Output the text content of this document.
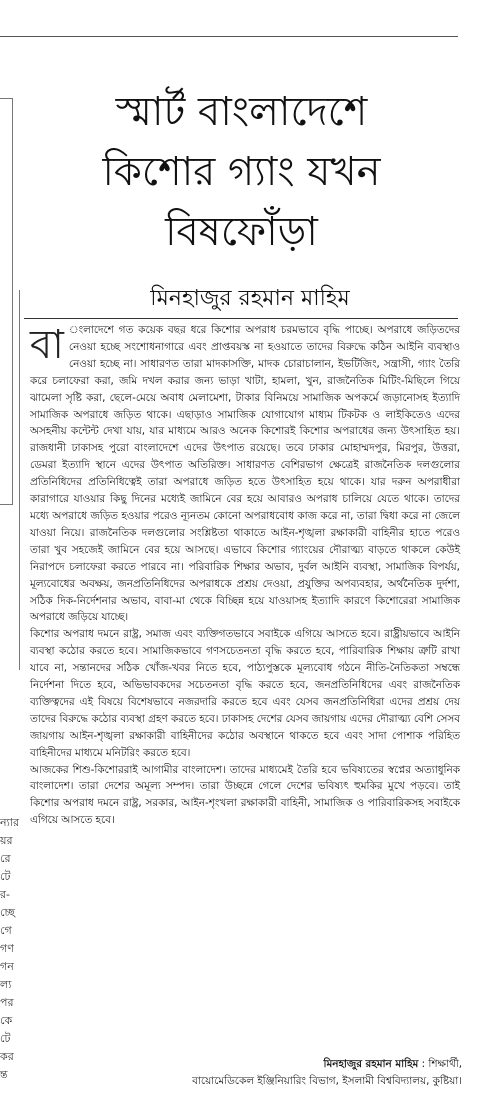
ন্যার
য়র
রে
টে
র-
চ্ছে
গে
গণ
গন
ল্য
পর
কে
টে
কর
ন্ত
স্মার্ট বাংলাদেশে
কিশোর গ্যাং যখন
বিষফোঁড়া
মিনহাজুর রহমান মাহিম

বা ংলাদেশে গত কয়েক বছর ধরে কিশোর অপরাধ চরমভাবে বৃদ্ধি পাচ্ছে। অপরাধে জড়িতদের নেওয়া হচ্ছে সংশোধনাগারে এবং প্রাপ্তবয়স্ক না হওয়াতে তাদের বিরুদ্ধে কঠিন আইনি ব্যবস্থাও নেওয়া হচ্ছে না। সাধারণত তারা মাদকাসক্তি, মাদক চোরাচালান, ইভটিজিং, সন্ত্রাসী, গ্যাং তৈরি করে চলাফেরা করা, জমি দখল করার জন্য ভাড়া খাটা, হামলা, খুন, রাজনৈতিক মিটিং-মিছিলে গিয়ে ঝামেলা সৃষ্টি করা, ছেলে-মেয়ে অবাধ মেলামেশা, টাকার বিনিময়ে সামাজিক অপকর্মে জড়ানোসহ ইত্যাদি সামাজিক অপরাধে জড়িত থাকে। এছাড়াও সামাজিক যোগাযোগ মাধ্যম টিকটক ও লাইকিতেও এদের অসহনীয় কন্টেন্ট দেখা যায়, যার মাধ্যমে আরও অনেক কিশোরই কিশোর অপরাধের জন্য উৎসাহিত হয়। রাজধানী ঢাকাসহ পুরো বাংলাদেশে এদের উৎপাত রয়েছে। তবে ঢাকার মোহাম্মদপুর, মিরপুর, উত্তরা, ডেমরা ইত্যাদি স্থানে এদের উৎপাত অতিরিক্ত। সাধারণত বেশিরভাগ ক্ষেত্রেই রাজনৈতিক দলগুলোর প্রতিনিধিদের প্রতিনিধিত্বেই তারা অপরাধে জড়িত হতে উৎসাহিত হয়ে থাকে। যার দরুন অপরাধীরা কারাগারে যাওয়ার কিছু দিনের মধ্যেই জামিনে বের হয়ে আবারও অপরাধ চালিয়ে যেতে থাকে। তাদের মধ্যে অপরাধে জড়িত হওয়ার পরেও ন্যূনতম কোনো অপরাধবোধ কাজ করে না, তারা দ্বিধা করে না জেলে যাওয়া নিয়ে। রাজনৈতিক দলগুলোর সংশ্লিষ্টতা থাকাতে আইন-শৃঙ্খলা রক্ষাকারী বাহিনীর হাতে পরেও তারা খুব সহজেই জামিনে বের হয়ে আসছে। এভাবে কিশোর গ্যাংয়ের দৌরাত্ম্য বাড়তে থাকলে কেউই নিরাপদে চলাফেরা করতে পারবে না। পরিবারিক শিক্ষার অভাব, দুর্বল আইনি ব্যবস্থা, সামাজিক বিপর্যয়, মূল্যবোধের অবক্ষয়, জনপ্রতিনিধিদের অপরাধকে প্রশ্রয় দেওয়া, প্রযুক্তির অপব্যবহার, অর্থনৈতিক দুর্দশা, সঠিক দিক-নির্দেশনার অভাব, বাবা-মা থেকে বিচ্ছিন্ন হয়ে যাওয়াসহ ইত্যাদি কারণে কিশোরেরা সামাজিক অপরাধে জড়িয়ে যাচ্ছে।

কিশোর অপরাধ দমনে রাষ্ট্র, সমাজ এবং ব্যক্তিগতভাবে সবাইকে এগিয়ে আসতে হবে। রাষ্ট্রীয়ভাবে আইনি ব্যবস্থা কঠোর করতে হবে। সামাজিকভাবে গণসচেতনতা বৃদ্ধি করতে হবে, পারিবারিক শিক্ষায় ত্রুটি রাখা যাবে না, সন্তানদের সঠিক খোঁজ-খবর নিতে হবে, পাঠ্যপুস্তকে মূল্যবোধ গঠনে নীতি-নৈতিকতা সম্বন্ধে নির্দেশনা দিতে হবে, অভিভাবকদের সচেতনতা বৃদ্ধি করতে হবে, জনপ্রতিনিধিদের এবং রাজনৈতিক ব্যক্তিত্বদের এই বিষয়ে বিশেষভাবে নজরদারি করতে হবে এবং যেসব জনপ্রতিনিধিরা এদের প্রশ্রয় দেয় তাদের বিরুদ্ধে কঠোর ব্যবস্থা গ্রহণ করতে হবে। ঢাকাসহ দেশের যেসব জায়গায় এদের দৌরাত্ম্য বেশি সেসব জায়গায় আইন-শৃঙ্খলা রক্ষাকারী বাহিনীদের কঠোর অবস্থানে থাকতে হবে এবং সাদা পোশাক পরিহিত বাহিনীদের মাধ্যমে মনিটরিং করতে হবে।

আজকের শিশু-কিশোররাই আগামীর বাংলাদেশ। তাদের মাধ্যমেই তৈরি হবে ভবিষ্যতের স্বপ্নের অত্যাধুনিক বাংলাদেশ। তারা দেশের অমূল্য সম্পদ। তারা উচ্ছন্নে গেলে দেশের ভবিষ্যৎ হুমকির মুখে পড়বে। তাই কিশোর অপরাধ দমনে রাষ্ট্র, সরকার, আইন-শৃংখলা রক্ষাকারী বাহিনী, সামাজিক ও পারিবারিকসহ সবাইকে এগিয়ে আসতে হবে।

মিনহাজুর রহমান মাহিম : শিক্ষার্থী,
বায়োমেডিকেল ইঞ্জিনিয়ারিং বিভাগ, ইসলামী বিশ্ববিদ্যালয়, কুষ্টিয়া।
